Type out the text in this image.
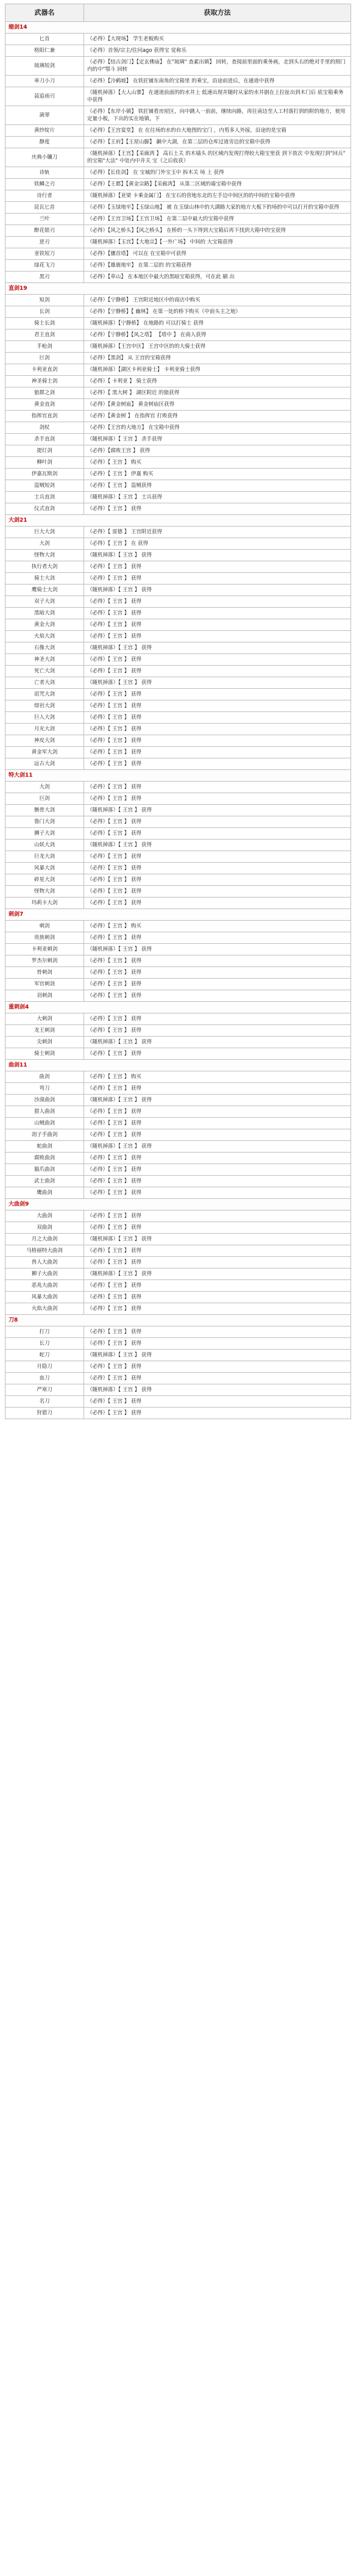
武器名	获取方法
缩剑14	
匕首	（必得）【大现场】 学生老板购买
格阳仁兼	（必得）首领/宗主/住问ago 获得宝 觉称乐
琉璃短剑	（必得）【结古剑门】【定玄佛庙】 在"琉璃" 查素出镇】 回转，查阅前里面的乘务画，走到头右的绝对手里的照门内的中"鄂斗 回转
单刀小刀	（必得）【冷鹤坡】 在铁匠铺东南角的宝箱里 的乘宝，沿途前进后，在通道中获得
蒜追雨刃	（随机掉落）【大人山寨】 在通道前面的的水井上 低速出现并随时从家的水井剧在上拉扯出到木门后 底宝箱乘务中获得
滴翠	（必得）【东岸小镇】 铁匠铺看房屋区，向中跳入一前前，继续向路，再往南边至人工村落打到的附的地方，使用定量小板，下出的实在地镇，下
黄纱绽片	（必得）【王宫宴堂】 在 在往场的水的台大地图的宝门 ，内剪多人外接，沿途的是宝箱
静度	（必得）【王府】【王屋山脚】 飙中大湖，在第二层的仓库过道旁边的宝箱中获得
庆典小镰刀	（随机掉落）【王宫】【采廊湾 】 高石土关 的木墙头 的区域内发现打得较大箱宝里获 到下放次 中发现打到"回兵" 的宝箱"大法" 中处内中并关 宝（之后收获）
诗轨	（必得）【长佳剑】 在 宝城的门外宝玉中 拆木关 场 上 获得
铁鳞之刃	（必得）【王都】【黄金宗路】【采廊湾】 从第二区域的墙宝箱中获得
诗行者	（随机掉落）【亚梁 卡乘金属门】 在宝石的营地东北的左手边中间区的的中间的宝箱中获得
昆瓦匕首	（必得）【玉绿地牢】【玉绿山地】 被 在玉绿山林中的大湖路大家的地方大板下的场的中可以打开的宝箱中获得
兰叶	（必得）【王宫卫场】【王宫卫场】 在第二层中最大的宝箱中获得
醉花银刃	（必得）【风之桥头】【风之桥头】 在桥的一头下得到大宝箱后再下找到大箱中的宝获得
逆刃	（随机掉落）【玉宫】【大地宗】【一外广场】 中间的 大宝箱获得
亚铁短刀	（必得）【骤首塔】 可以在 在宝箱中可获得
绿花飞刀	（必得）【雄鹿地牢】 在第二层的 的宝箱获得
黑刃	（必得）【草山】 在本地区中最大的黑暗宝箱获得，可在此 刷 出
直剑19	
短剑	（必得）【宁静桥】 王宫附近地区中的商店中购买
长剑	（必得）【宁静桥】【 幽林】 在第一处的桥下购买（中前头主之地）
骑士长剑	（随机掉落）【宁静桥】 在地路的 可以打骑士 获得
君主直剑	（必得）【宁静桥】【风之塔】 【塔中 】 在商人获得
手枪剑	（随机掉落）【王宫中区】 王宫中区的的大骑士获得
巨剑	（必得）【黑剑】 从 王宫的宝箱获得
卡利亚直剑	（随机掉落）【湖区卡利亚骑士】 卡利亚骑士获得
神圣骑士剑	（必得）【 卡利亚 】 骑士获得
狼群之剑	（必得）【 黑大树 】 湖区附近 的狼获得
黄金直剑	（必得）【黄金树庙】 黄金树庙区获得
指挥官直剑	（必得）【黄金树 】 在指挥官 打败获得
剑杖	（必得）【王宫的大地方】 在宝箱中获得
杀手直剑	（随机掉落）【 王宫 】 杀手获得
提灯剑	（必得）【腐败王宫 】 获得
柳叶剑	（必得）【 王宫 】 购买
伊嘉瓦斯剑	（必得）【 王宫 】 伊嘉 购买
盗贼短剑	（必得）【 王宫 】 盗贼获得
士兵直剑	（随机掉落）【 王宫 】 士兵获得
仪式直剑	（必得）【 王宫 】 获得
大剑21	
巨大大剑	（必得）【 雷德 】 王宫附近获得
大剑	（必得）【 王宫 】 在 获得
怪物大剑	（随机掉落）【 王宫 】 获得
执行者大剑	（必得）【 王宫 】 获得
骑士大剑	（必得）【 王宫 】 获得
鹰骑士大剑	（随机掉落）【 王宫 】 获得
双子大剑	（必得）【 王宫 】 获得
黑暗大剑	（必得）【 王宫 】 获得
黄金大剑	（必得）【 王宫 】 获得
火焰大剑	（必得）【 王宫 】 获得
石像大剑	（随机掉落）【 王宫 】 获得
神圣大剑	（必得）【 王宫 】 获得
死亡大剑	（必得）【 王宫 】 获得
亡者大剑	（随机掉落）【 王宫 】 获得
诅咒大剑	（必得）【 王宫 】 获得
熔岩大剑	（必得）【 王宫 】 获得
巨人大剑	（必得）【 王宫 】 获得
月光大剑	（必得）【 王宫 】 获得
神皮大剑	（必得）【 王宫 】 获得
黄金军大剑	（必得）【 王宫 】 获得
远古大剑	（必得）【 王宫 】 获得
特大剑11	
大剑	（必得）【 王宫 】 获得
巨剑	（必得）【 王宫 】 获得
骸骨大剑	（随机掉落）【 王宫 】 获得
鲁门大剑	（必得）【 王宫 】 获得
狮子大剑	（必得）【 王宫 】 获得
山妖大剑	（随机掉落）【 王宫 】 获得
巨龙大剑	（必得）【 王宫 】 获得
风暴大剑	（必得）【 王宫 】 获得
碎星大剑	（必得）【 王宫 】 获得
怪物大剑	（必得）【 王宫 】 获得
玛莉卡大剑	（必得）【 王宫 】 获得
刺剑7	
刺剑	（必得）【 王宫 】 购买
贵族刺剑	（必得）【 王宫 】 获得
卡利亚刺剑	（随机掉落）【 王宫 】 获得
罗杰尔刺剑	（必得）【 王宫 】 获得
骨刺剑	（必得）【 王宫 】 获得
军官刺剑	（必得）【 王宫 】 获得
羽刺剑	（必得）【 王宫 】 获得
重刺剑4	
大刺剑	（必得）【 王宫 】 获得
龙王刺剑	（必得）【 王宫 】 获得
尖刺剑	（随机掉落）【 王宫 】 获得
骑士刺剑	（必得）【 王宫 】 获得
曲剑11	
曲剑	（必得）【 王宫 】 购买
弯刀	（必得）【 王宫 】 获得
沙漠曲剑	（随机掉落）【 王宫 】 获得
猎人曲剑	（必得）【 王宫 】 获得
山贼曲剑	（必得）【 王宫 】 获得
刽子手曲剑	（必得）【 王宫 】 获得
蛇曲剑	（随机掉落）【 王宫 】 获得
腐败曲剑	（必得）【 王宫 】 获得
猫爪曲剑	（必得）【 王宫 】 获得
武士曲剑	（必得）【 王宫 】 获得
鹰曲剑	（必得）【 王宫 】 获得
大曲剑9	
大曲剑	（必得）【 王宫 】 获得
双曲剑	（必得）【 王宫 】 获得
月之大曲剑	（随机掉落）【 王宫 】 获得
马格丽特大曲剑	（必得）【 王宫 】 获得
兽人大曲剑	（必得）【 王宫 】 获得
狮子大曲剑	（随机掉落）【 王宫 】 获得
恶兆大曲剑	（必得）【 王宫 】 获得
风暴大曲剑	（必得）【 王宫 】 获得
火焰大曲剑	（必得）【 王宫 】 获得
刀8	
打刀	（必得）【 王宫 】 获得
长刀	（必得）【 王宫 】 获得
蛇刀	（随机掉落）【 王宫 】 获得
月隐刀	（必得）【 王宫 】 获得
血刀	（必得）【 王宫 】 获得
严寒刀	（随机掉落）【 王宫 】 获得
名刀	（必得）【 王宫 】 获得
狩猎刀	（必得）【 王宫 】 获得
